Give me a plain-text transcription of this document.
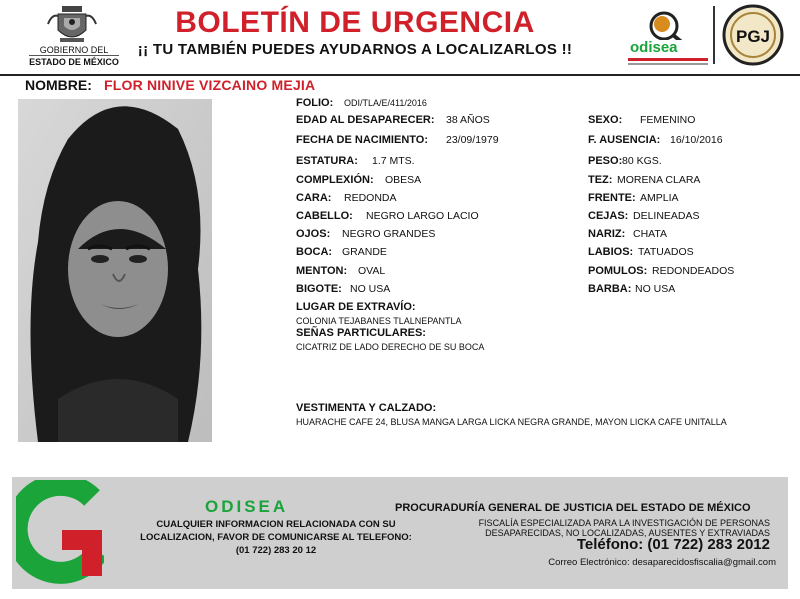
GOBIERNO DEL
ESTADO DE MÉXICO
BOLETÍN DE URGENCIA
¡¡ TU TAMBIÉN PUEDES AYUDARNOS A LOCALIZARLOS !!	odisea
PGJ
NOMBRE: FLOR NINIVE VIZCAINO MEJIA
FOLIO: ODI/TLA/E/411/2016
EDAD AL DESAPARECER: 38 AÑOS	SEXO: FEMENINO
FECHA DE NACIMIENTO: 23/09/1979	F. AUSENCIA: 16/10/2016
ESTATURA: 1.7 MTS.	PESO: 80 KGS.
COMPLEXIÓN: OBESA	TEZ: MORENA CLARA
CARA: REDONDA	FRENTE: AMPLIA
CABELLO: NEGRO LARGO LACIO	CEJAS: DELINEADAS
OJOS: NEGRO GRANDES	NARIZ: CHATA
BOCA: GRANDE	LABIOS: TATUADOS
MENTON: OVAL	POMULOS: REDONDEADOS
BIGOTE: NO USA	BARBA: NO USA
LUGAR DE EXTRAVÍO:
COLONIA TEJABANES TLALNEPANTLA
SEÑAS PARTICULARES:
CICATRIZ DE LADO DERECHO DE SU BOCA
VESTIMENTA Y CALZADO:
HUARACHE CAFE 24, BLUSA MANGA LARGA LICKA NEGRA GRANDE, MAYON LICKA CAFE UNITALLA
ODISEA
CUALQUIER INFORMACION RELACIONADA CON SU LOCALIZACION, FAVOR DE COMUNICARSE AL TELEFONO: (01 722) 283 20 12
PROCURADURÍA GENERAL DE JUSTICIA DEL ESTADO DE MÉXICO
FISCALÍA ESPECIALIZADA PARA LA INVESTIGACIÓN DE PERSONAS
DESAPARECIDAS, NO LOCALIZADAS, AUSENTES Y EXTRAVIADAS
Teléfono: (01 722) 283 2012
Correo Electrónico: desaparecidosfiscalia@gmail.com
